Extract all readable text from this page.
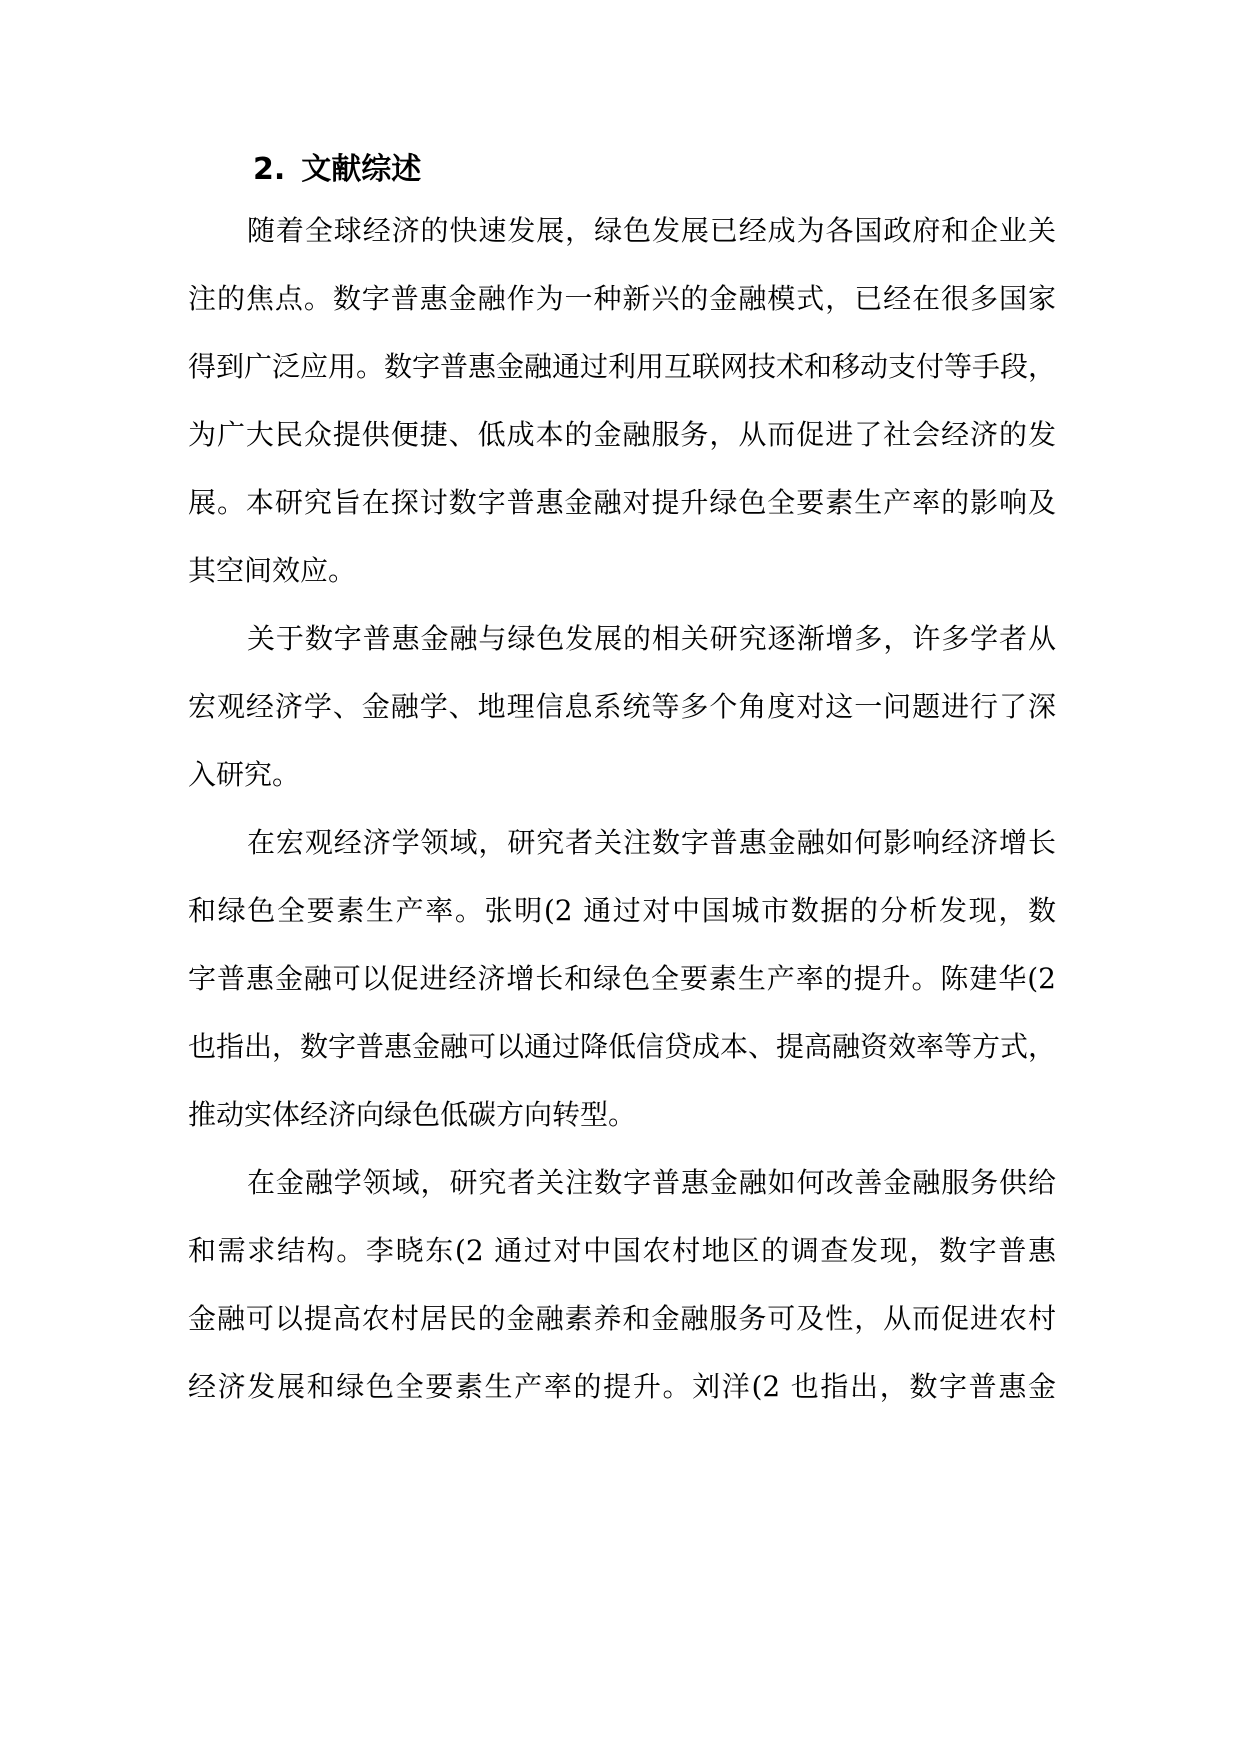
2. 文献综述
随着全球经济的快速发展，绿色发展已经成为各国政府和企业关
注的焦点。数字普惠金融作为一种新兴的金融模式，已经在很多国家
得到广泛应用。数字普惠金融通过利用互联网技术和移动支付等手段，
为广大民众提供便捷、低成本的金融服务，从而促进了社会经济的发
展。本研究旨在探讨数字普惠金融对提升绿色全要素生产率的影响及
其空间效应。
关于数字普惠金融与绿色发展的相关研究逐渐增多，许多学者从
宏观经济学、金融学、地理信息系统等多个角度对这一问题进行了深
入研究。
在宏观经济学领域，研究者关注数字普惠金融如何影响经济增长
和绿色全要素生产率。张明(2 通过对中国城市数据的分析发现，数
字普惠金融可以促进经济增长和绿色全要素生产率的提升。陈建华(2
也指出，数字普惠金融可以通过降低信贷成本、提高融资效率等方式，
推动实体经济向绿色低碳方向转型。
在金融学领域，研究者关注数字普惠金融如何改善金融服务供给
和需求结构。李晓东(2 通过对中国农村地区的调查发现，数字普惠
金融可以提高农村居民的金融素养和金融服务可及性，从而促进农村
经济发展和绿色全要素生产率的提升。刘洋(2 也指出，数字普惠金
